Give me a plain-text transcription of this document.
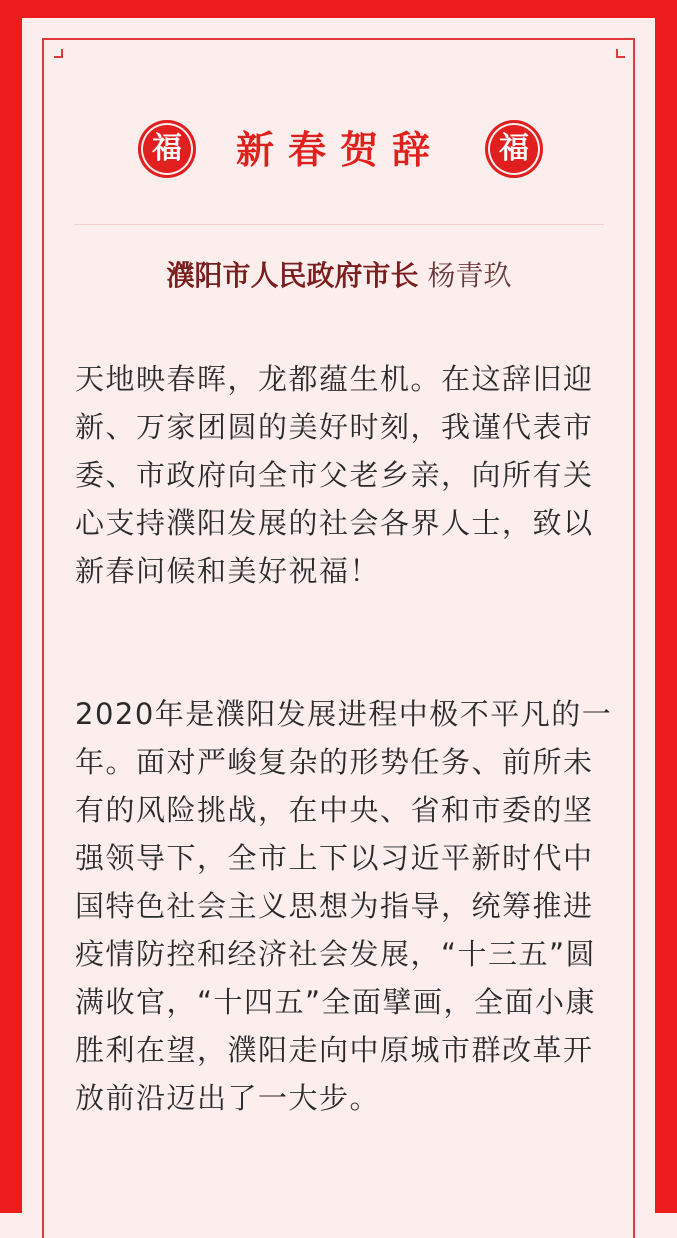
福	新春贺辞	福
濮阳市人民政府市长 杨青玖

天地映春晖，龙都蕴生机。在这辞旧迎新、万家团圆的美好时刻，我谨代表市委、市政府向全市父老乡亲，向所有关心支持濮阳发展的社会各界人士，致以新春问候和美好祝福！

2020年是濮阳发展进程中极不平凡的一年。面对严峻复杂的形势任务、前所未有的风险挑战，在中央、省和市委的坚强领导下，全市上下以习近平新时代中国特色社会主义思想为指导，统筹推进疫情防控和经济社会发展，“十三五”圆满收官，“十四五”全面擘画，全面小康胜利在望，濮阳走向中原城市群改革开放前沿迈出了一大步。
